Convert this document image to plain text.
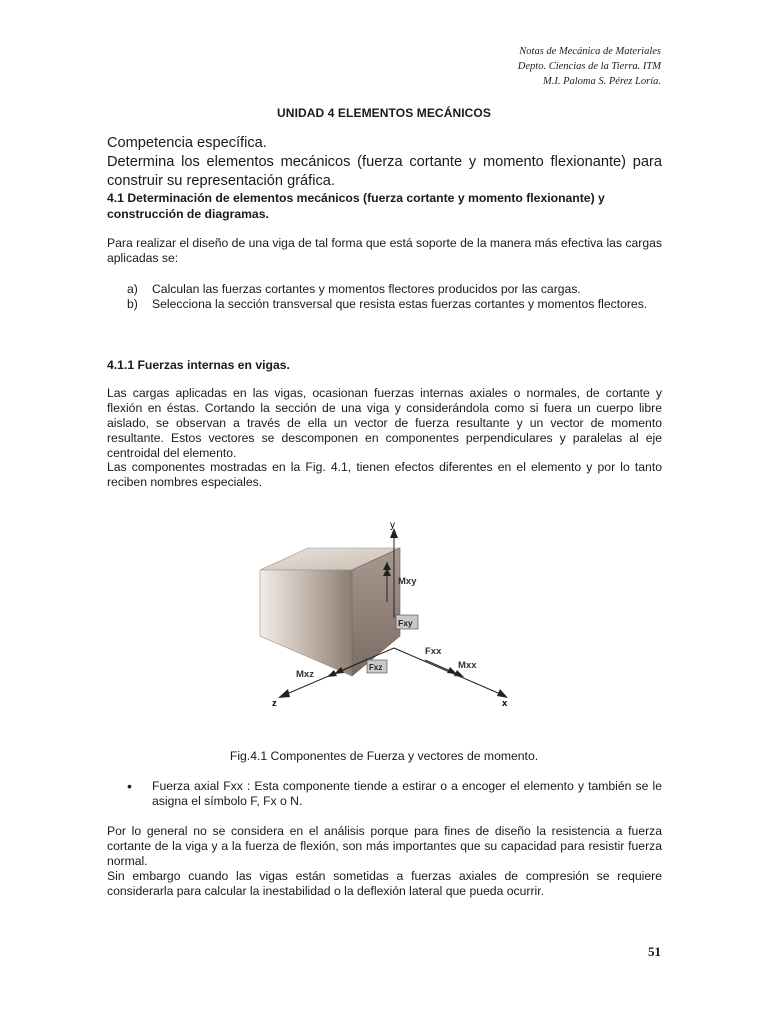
Notas de Mecánica de Materiales
Depto. Ciencias de la Tierra. ITM
M.I. Paloma S. Pérez Loría.
UNIDAD 4 ELEMENTOS MECÁNICOS

Competencia específica.

Determina los elementos mecánicos (fuerza cortante y momento flexionante) para construir su representación gráfica.

4.1 Determinación de elementos mecánicos (fuerza cortante y momento flexionante) y construcción de diagramas.

Para realizar el diseño de una viga de tal forma que está soporte de la manera más efectiva las cargas aplicadas se:

a) Calculan las fuerzas cortantes y momentos flectores producidos por las cargas.
b) Selecciona la sección transversal que resista estas fuerzas cortantes y momentos flectores.
4.1.1 Fuerzas internas en vigas.

Las cargas aplicadas en las vigas, ocasionan fuerzas internas axiales o normales, de cortante y flexión en éstas. Cortando la sección de una viga y considerándola como si fuera un cuerpo libre aislado, se observan a través de ella un vector de fuerza resultante y un vector de momento resultante. Estos vectores se descomponen en componentes perpendiculares y paralelas al eje centroidal del elemento.

Las componentes mostradas en la Fig. 4.1, tienen efectos diferentes en el elemento y por lo tanto reciben nombres especiales.

y
Mxy
Fxy
Fxx
Mxx
Mxz
Fxz
z	x
Fig.4.1 Componentes de Fuerza y vectores de momento.
•	Fuerza axial Fxx : Esta componente tiende a estirar o a encoger el elemento y también se le asigna el símbolo F, Fx o N.

Por lo general no se considera en el análisis porque para fines de diseño la resistencia a fuerza cortante de la viga y a la fuerza de flexión, son más importantes que su capacidad para resistir fuerza normal.

Sin embargo cuando las vigas están sometidas a fuerzas axiales de compresión se requiere considerarla para calcular la inestabilidad o la deflexión lateral que pueda ocurrir.

51
